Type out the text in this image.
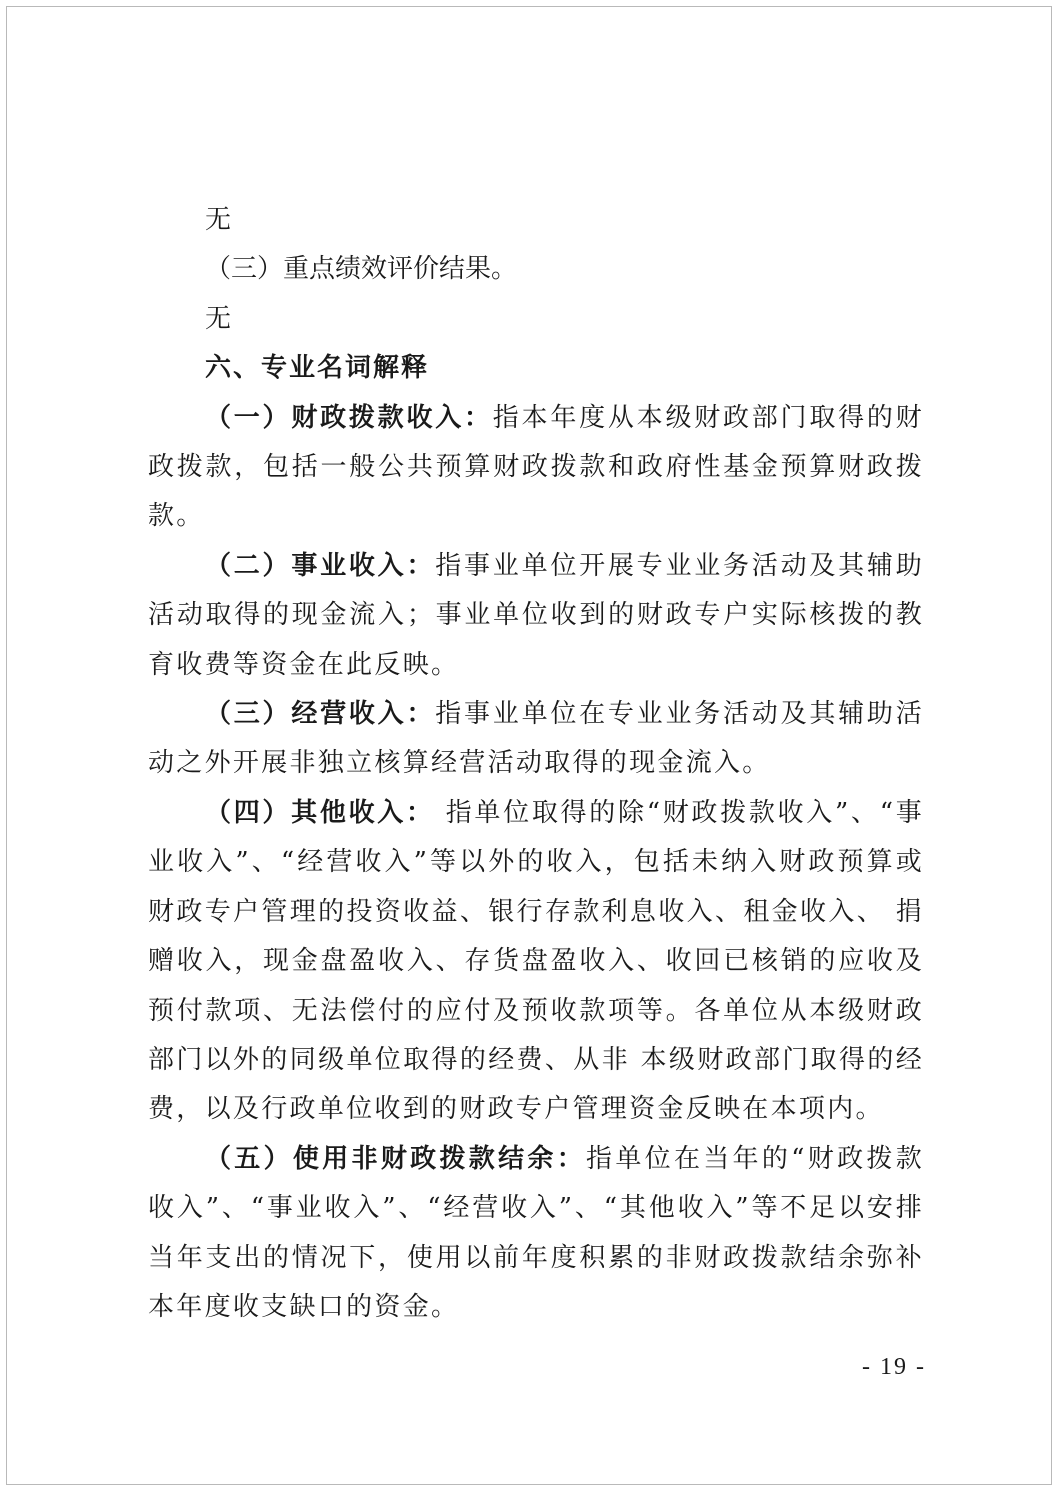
无

（三）重点绩效评价结果。

无

六、专业名词解释

（一）财政拨款收入：指本年度从本级财政部门取得的财政拨款，包括一般公共预算财政拨款和政府性基金预算财政拨款。

（二）事业收入：指事业单位开展专业业务活动及其辅助活动取得的现金流入；事业单位收到的财政专户实际核拨的教育收费等资金在此反映。

（三）经营收入：指事业单位在专业业务活动及其辅助活动之外开展非独立核算经营活动取得的现金流入。

（四）其他收入： 指单位取得的除“财政拨款收入”、“事业收入”、“经营收入”等以外的收入，包括未纳入财政预算或财政专户管理的投资收益、银行存款利息收入、租金收入、 捐赠收入，现金盘盈收入、存货盘盈收入、收回已核销的应收及预付款项、无法偿付的应付及预收款项等。各单位从本级财政部门以外的同级单位取得的经费、从非 本级财政部门取得的经费，以及行政单位收到的财政专户管理资金反映在本项内。

（五）使用非财政拨款结余：指单位在当年的“财政拨款收入”、“事业收入”、“经营收入”、“其他收入”等不足以安排当年支出的情况下，使用以前年度积累的非财政拨款结余弥补本年度收支缺口的资金。

- 19 -
